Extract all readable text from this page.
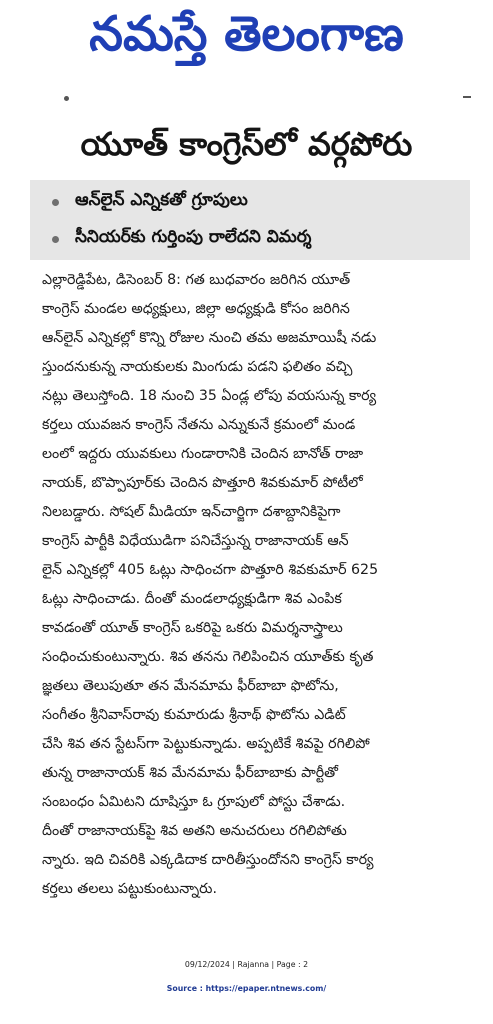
నమస్తే తెలంగాణ
యూత్ కాంగ్రెస్‌లో వర్గపోరు
ఆన్‌లైన్ ఎన్నికతో గ్రూపులు
సీనియర్‌కు గుర్తింపు రాలేదని విమర్శ
ఎల్లారెడ్డిపేట, డిసెంబర్ 8: గత బుధవారం జరిగిన యూత్
కాంగ్రెస్ మండల అధ్యక్షులు, జిల్లా అధ్యక్షుడి కోసం జరిగిన
ఆన్‌లైన్ ఎన్నికల్లో కొన్ని రోజుల నుంచి తమ అజమాయిషీ నడు
స్తుందనుకున్న నాయకులకు మింగుడు పడని ఫలితం వచ్చి
నట్లు తెలుస్తోంది. 18 నుంచి 35 ఏండ్ల లోపు వయసున్న కార్య
కర్తలు యువజన కాంగ్రెస్ నేతను ఎన్నుకునే క్రమంలో మండ
లంలో ఇద్దరు యువకులు గుండారానికి చెందిన బానోత్ రాజా
నాయక్, బొప్పాపూర్‌కు చెందిన పొత్తూరి శివకుమార్ పోటీలో
నిలబడ్డారు. సోషల్ మీడియా ఇన్‌చార్జిగా దశాబ్దానికిపైగా
కాంగ్రెస్ పార్టీకి విధేయుడిగా పనిచేస్తున్న రాజానాయక్ ఆన్
లైన్ ఎన్నికల్లో 405 ఓట్లు సాధించగా పొత్తూరి శివకుమార్ 625
ఓట్లు సాధించాడు. దీంతో మండలాధ్యక్షుడిగా శివ ఎంపిక
కావడంతో యూత్ కాంగ్రెస్ ఒకరిపై ఒకరు విమర్శనాస్త్రాలు
సంధించుకుంటున్నారు. శివ తనను గెలిపించిన యూత్‌కు కృత
జ్ఞతలు తెలుపుతూ తన మేనమామ ఫీర్‌బాబా ఫొటోను,
సంగీతం శ్రీనివాస్‌రావు కుమారుడు శ్రీనాథ్ ఫొటోను ఎడిట్
చేసి శివ తన స్టేటస్‌గా పెట్టుకున్నాడు. అప్పటికే శివపై రగిలిపో
తున్న రాజానాయక్ శివ మేనమామ ఫీర్‌బాబాకు పార్టీతో
సంబంధం ఏమిటని దూషిస్తూ ఓ గ్రూపులో పోస్టు చేశాడు.
దీంతో రాజానాయక్‌పై శివ అతని అనుచరులు రగిలిపోతు
న్నారు. ఇది చివరికి ఎక్కడిదాక దారితీస్తుందోనని కాంగ్రెస్ కార్య
కర్తలు తలలు పట్టుకుంటున్నారు.
09/12/2024 | Rajanna | Page : 2
Source : https://epaper.ntnews.com/
